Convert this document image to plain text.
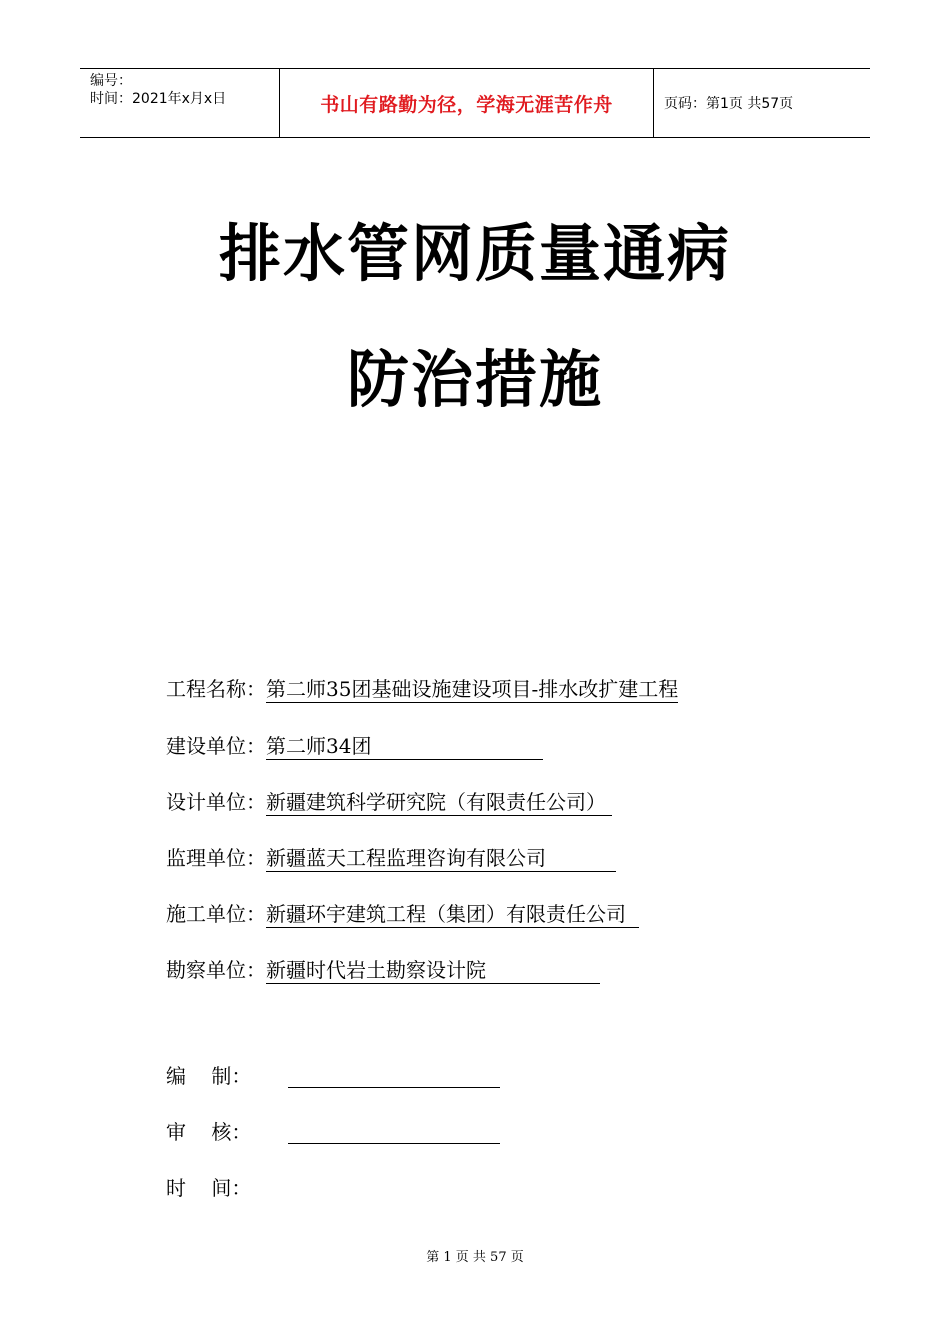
编号：
时间：2021年x月x日	书山有路勤为径，学海无涯苦作舟	页码：第1页 共57页
排水管网质量通病
防治措施
工程名称：第二师35团基础设施建设项目-排水改扩建工程
建设单位：第二师34团
设计单位：新疆建筑科学研究院（有限责任公司）
监理单位：新疆蓝天工程监理咨询有限公司
施工单位：新疆环宇建筑工程（集团）有限责任公司
勘察单位：新疆时代岩土勘察设计院
编    制：
审    核：
时    间：
第 1 页 共 57 页
